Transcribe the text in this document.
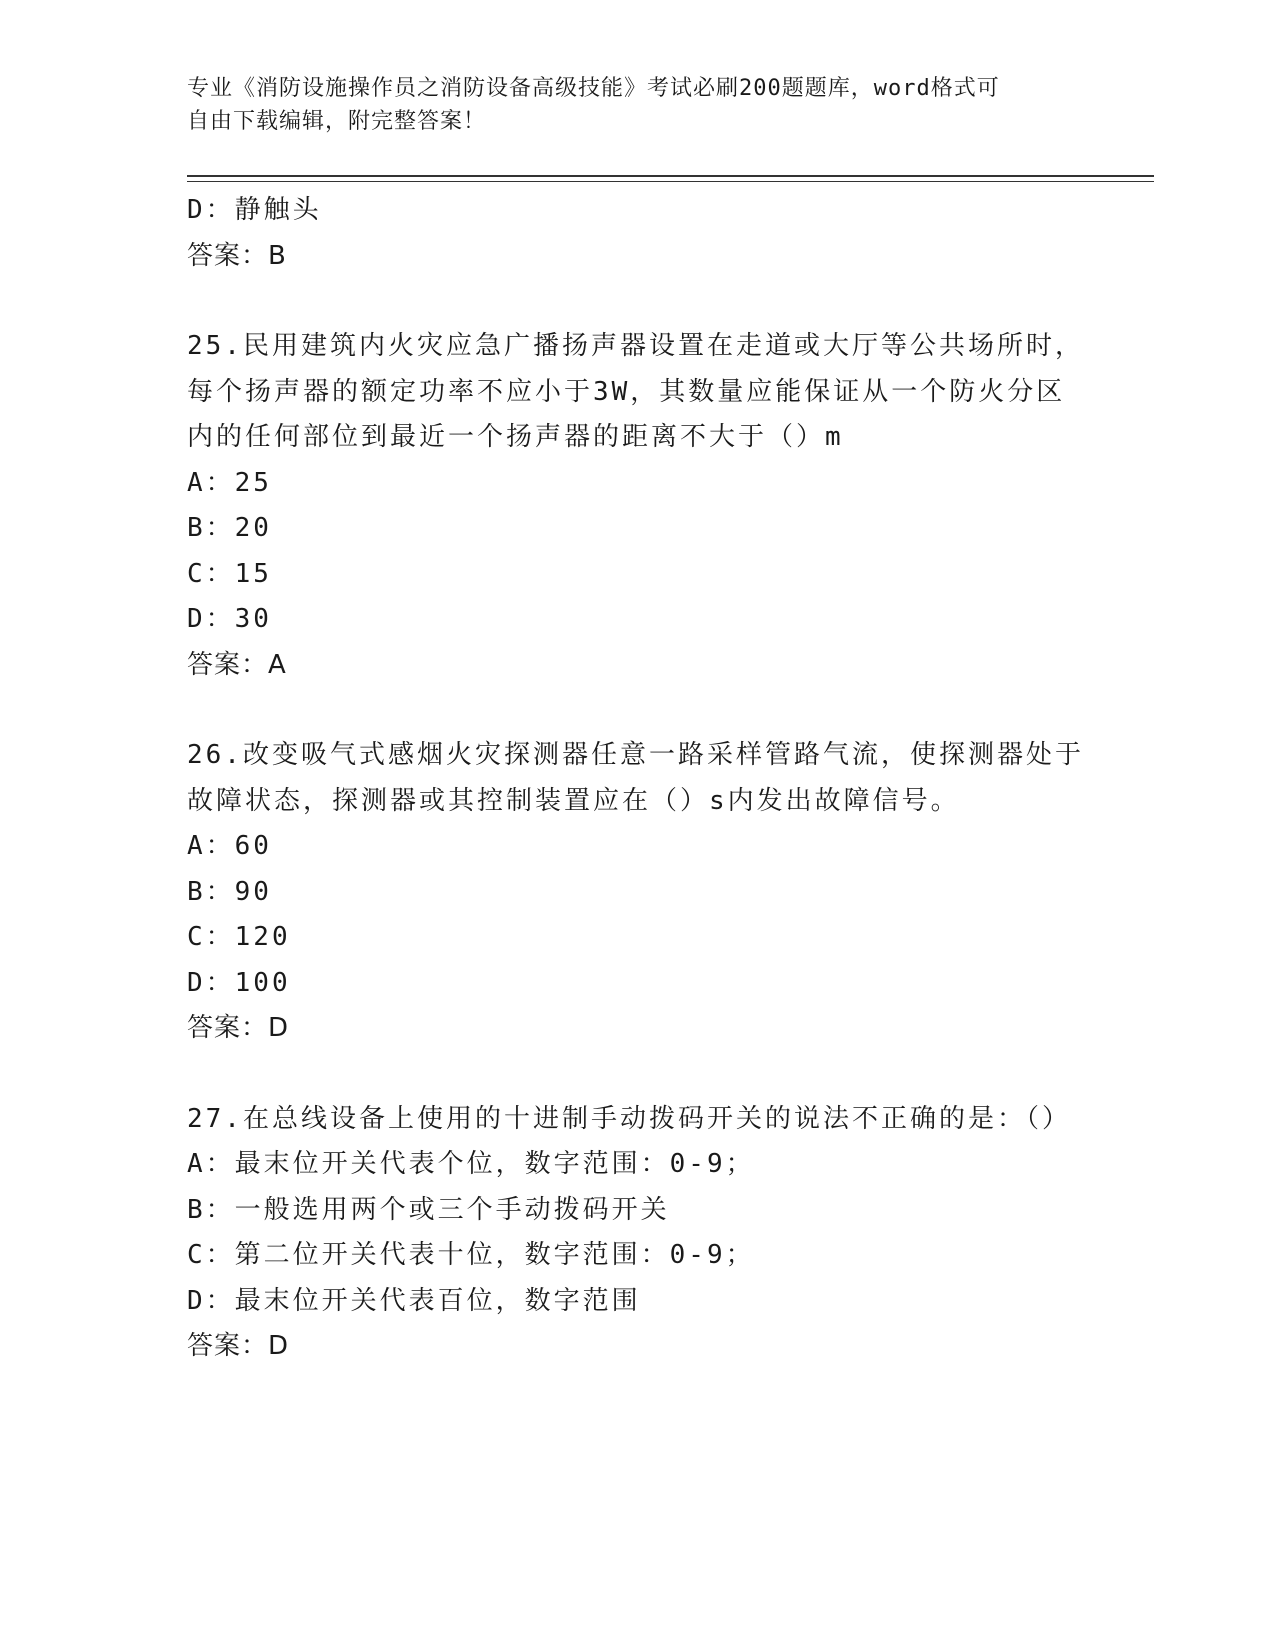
专业《消防设施操作员之消防设备高级技能》考试必刷200题题库，word格式可
自由下载编辑，附完整答案！
D：静触头
答案：B
25.民用建筑内火灾应急广播扬声器设置在走道或大厅等公共场所时，
每个扬声器的额定功率不应小于3W，其数量应能保证从一个防火分区
内的任何部位到最近一个扬声器的距离不大于（）m
A：25
B：20
C：15
D：30
答案：A
26.改变吸气式感烟火灾探测器任意一路采样管路气流，使探测器处于
故障状态，探测器或其控制装置应在（）s内发出故障信号。
A：60
B：90
C：120
D：100
答案：D
27.在总线设备上使用的十进制手动拨码开关的说法不正确的是：（）
A：最末位开关代表个位，数字范围：0-9；
B：一般选用两个或三个手动拨码开关
C：第二位开关代表十位，数字范围：0-9；
D：最末位开关代表百位，数字范围
答案：D
